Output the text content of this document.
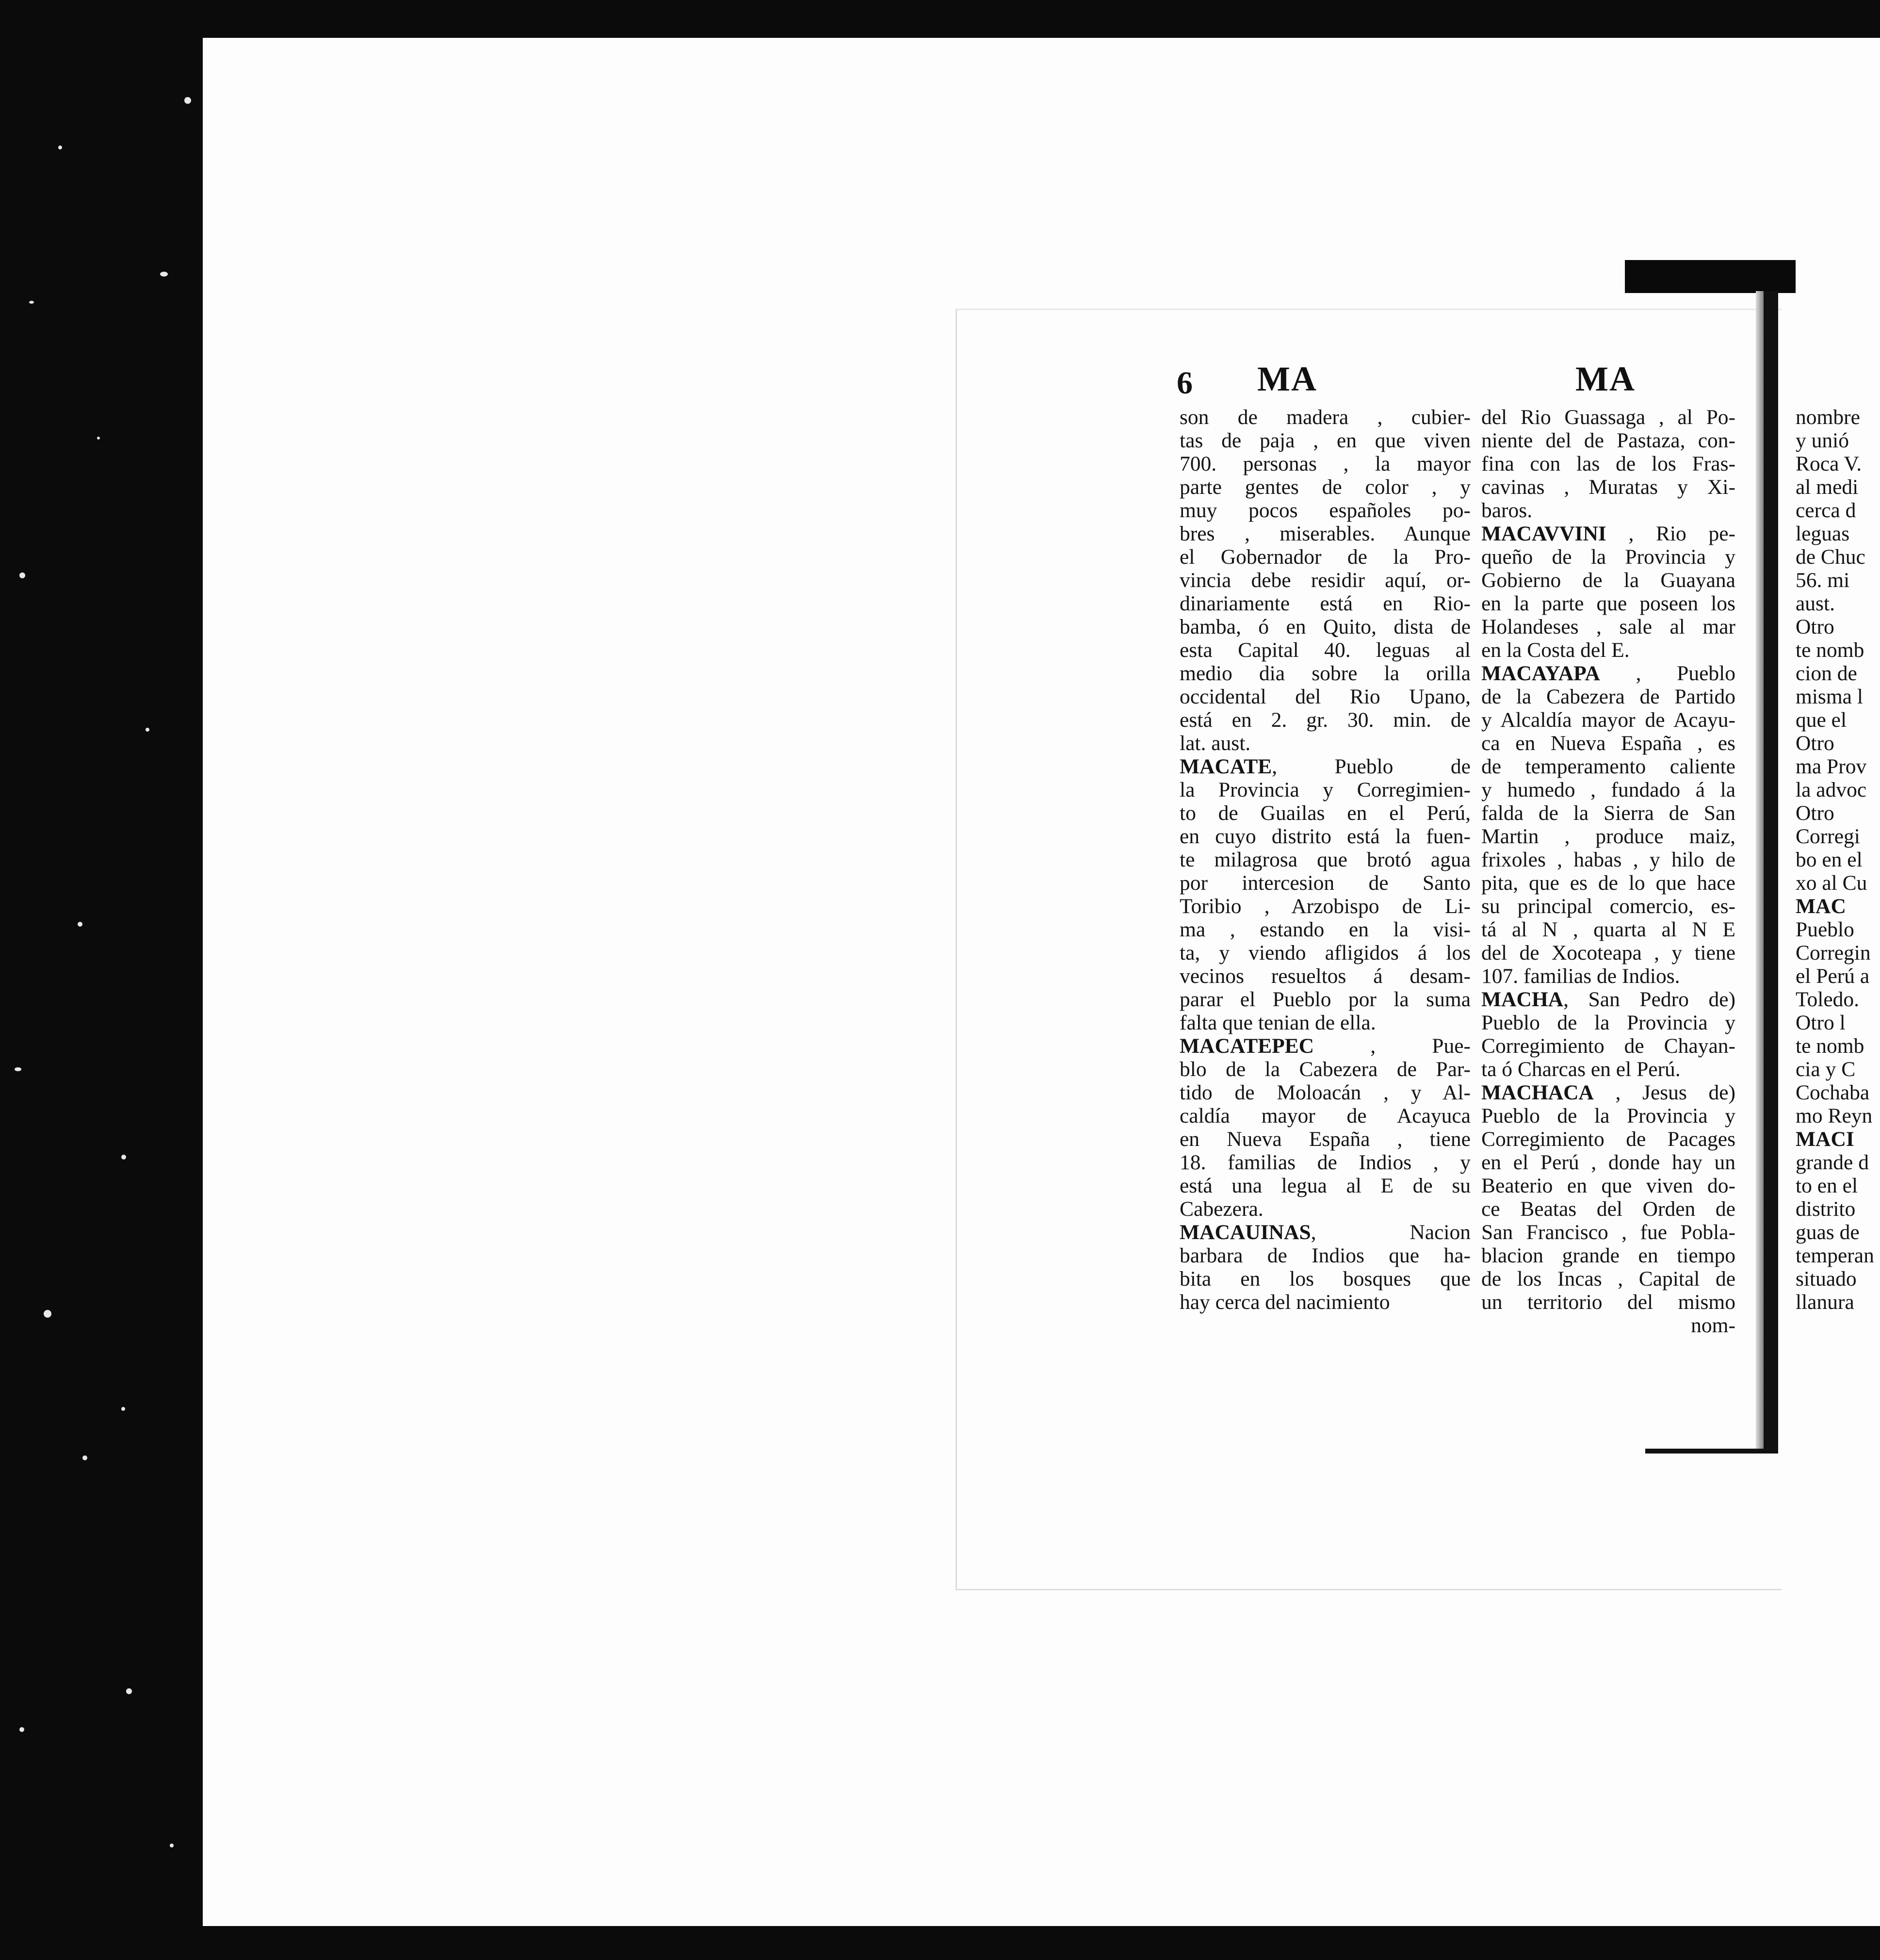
6 MA	MA
son de madera , cubier-
tas de paja , en que viven
700. personas , la mayor
parte gentes de color , y
muy pocos españoles po-
bres , miserables. Aunque
el Gobernador de la Pro-
vincia debe residir aquí, or-
dinariamente está en Rio-
bamba, ó en Quito, dista de
esta Capital 40. leguas al
medio dia sobre la orilla
occidental del Rio Upano,
está en 2. gr. 30. min. de
lat. aust.
MACATE, Pueblo de
la Provincia y Corregimien-
to de Guailas en el Perú,
en cuyo distrito está la fuen-
te milagrosa que brotó agua
por intercesion de Santo
Toribio , Arzobispo de Li-
ma , estando en la visi-
ta, y viendo afligidos á los
vecinos resueltos á desam-
parar el Pueblo por la suma
falta que tenian de ella.
MACATEPEC , Pue-
blo de la Cabezera de Par-
tido de Moloacán , y Al-
caldía mayor de Acayuca
en Nueva España , tiene
18. familias de Indios , y
está una legua al E de su
Cabezera.
MACAUINAS, Nacion
barbara de Indios que ha-
bita en los bosques que
hay cerca del nacimiento
del Rio Guassaga , al Po-
niente del de Pastaza, con-
fina con las de los Fras-
cavinas , Muratas y Xi-
baros.
MACAVVINI , Rio pe-
queño de la Provincia y
Gobierno de la Guayana
en la parte que poseen los
Holandeses , sale al mar
en la Costa del E.
MACAYAPA , Pueblo
de la Cabezera de Partido
y Alcaldía mayor de Acayu-
ca en Nueva España , es
de temperamento caliente
y humedo , fundado á la
falda de la Sierra de San
Martin , produce maiz,
frixoles , habas , y hilo de
pita, que es de lo que hace
su principal comercio, es-
tá al N , quarta al N E
del de Xocoteapa , y tiene
107. familias de Indios.
MACHA, San Pedro de)
Pueblo de la Provincia y
Corregimiento de Chayan-
ta ó Charcas en el Perú.
MACHACA , Jesus de)
Pueblo de la Provincia y
Corregimiento de Pacages
en el Perú , donde hay un
Beaterio en que viven do-
ce Beatas del Orden de
San Francisco , fue Pobla-
blacion grande en tiempo
de los Incas , Capital de
un territorio del mismo
nom-
nombre
y unió
Roca V.
al medi
cerca d
leguas
de Chuc
56. mi
aust.
Otro
te nomb
cion de
misma l
que el
Otro
ma Prov
la advoc
Otro
Corregi
bo en el
xo al Cu
MAC
Pueblo
Corregin
el Perú a
Toledo.
Otro l
te nomb
cia y C
Cochaba
mo Reyn
MACI
grande d
to en el
distrito
guas de
temperan
situado
llanura
